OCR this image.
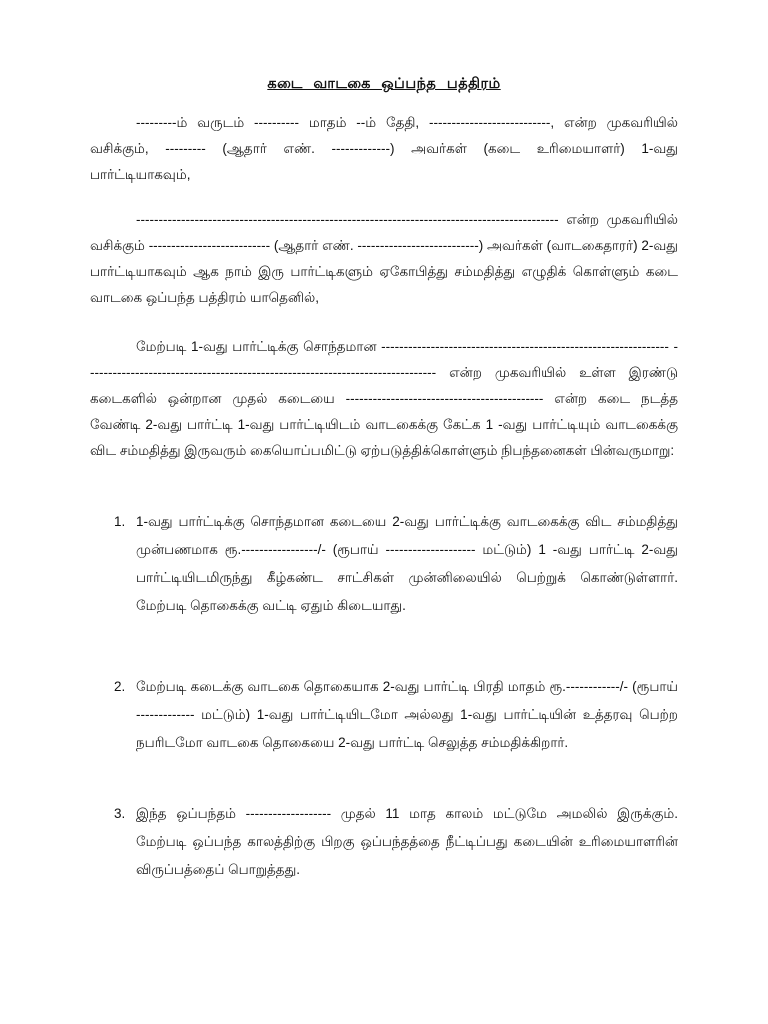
கடை வாடகை ஒப்பந்த பத்திரம்
---------ம் வருடம் ---------- மாதம் --ம் தேதி, ---------------------------, என்ற முகவரியில் வசிக்கும், --------- (ஆதார் எண். -------------) அவர்கள் (கடை உரிமையாளர்) 1-வது பார்ட்டியாகவும்,
---------------------------------------------------------------------------------------------- என்ற முகவரியில் வசிக்கும் --------------------------- (ஆதார் எண். ---------------------------) அவர்கள் (வாடகைதாரர்) 2-வது பார்ட்டியாகவும் ஆக நாம் இரு பார்ட்டிகளும் ஏகோபித்து சம்மதித்து எழுதிக் கொள்ளும் கடை வாடகை ஒப்பந்த பத்திரம் யாதெனில்,
மேற்படி 1-வது பார்ட்டிக்கு சொந்தமான ---------------------------------------------------------------- ------------------------------------------------------------------------------ என்ற முகவரியில் உள்ள இரண்டு கடைகளில் ஒன்றான முதல் கடையை -------------------------------------------- என்ற கடை நடத்த வேண்டி 2-வது பார்ட்டி 1-வது பார்ட்டியிடம் வாடகைக்கு கேட்க 1 -வது பார்ட்டியும் வாடகைக்கு விட சம்மதித்து இருவரும் கையொப்பமிட்டு ஏற்படுத்திக்கொள்ளும் நிபந்தனைகள் பின்வருமாறு:
1. 1-வது பார்ட்டிக்கு சொந்தமான கடையை 2-வது பார்ட்டிக்கு வாடகைக்கு விட சம்மதித்து முன்பணமாக ரூ.-----------------/- (ரூபாய் -------------------- மட்டும்) 1 -வது பார்ட்டி 2-வது பார்ட்டியிடமிருந்து கீழ்கண்ட சாட்சிகள் முன்னிலையில் பெற்றுக் கொண்டுள்ளார். மேற்படி தொகைக்கு வட்டி ஏதும் கிடையாது.
2. மேற்படி கடைக்கு வாடகை தொகையாக 2-வது பார்ட்டி பிரதி மாதம் ரூ.------------/- (ரூபாய் ------------- மட்டும்) 1-வது பார்ட்டியிடமோ அல்லது 1-வது பார்ட்டியின் உத்தரவு பெற்ற நபரிடமோ வாடகை தொகையை 2-வது பார்ட்டி செலுத்த சம்மதிக்கிறார்.
3. இந்த ஒப்பந்தம் ------------------- முதல் 11 மாத காலம் மட்டுமே அமலில் இருக்கும். மேற்படி ஒப்பந்த காலத்திற்கு பிறகு ஒப்பந்தத்தை நீட்டிப்பது கடையின் உரிமையாளரின் விருப்பத்தைப் பொறுத்தது.
